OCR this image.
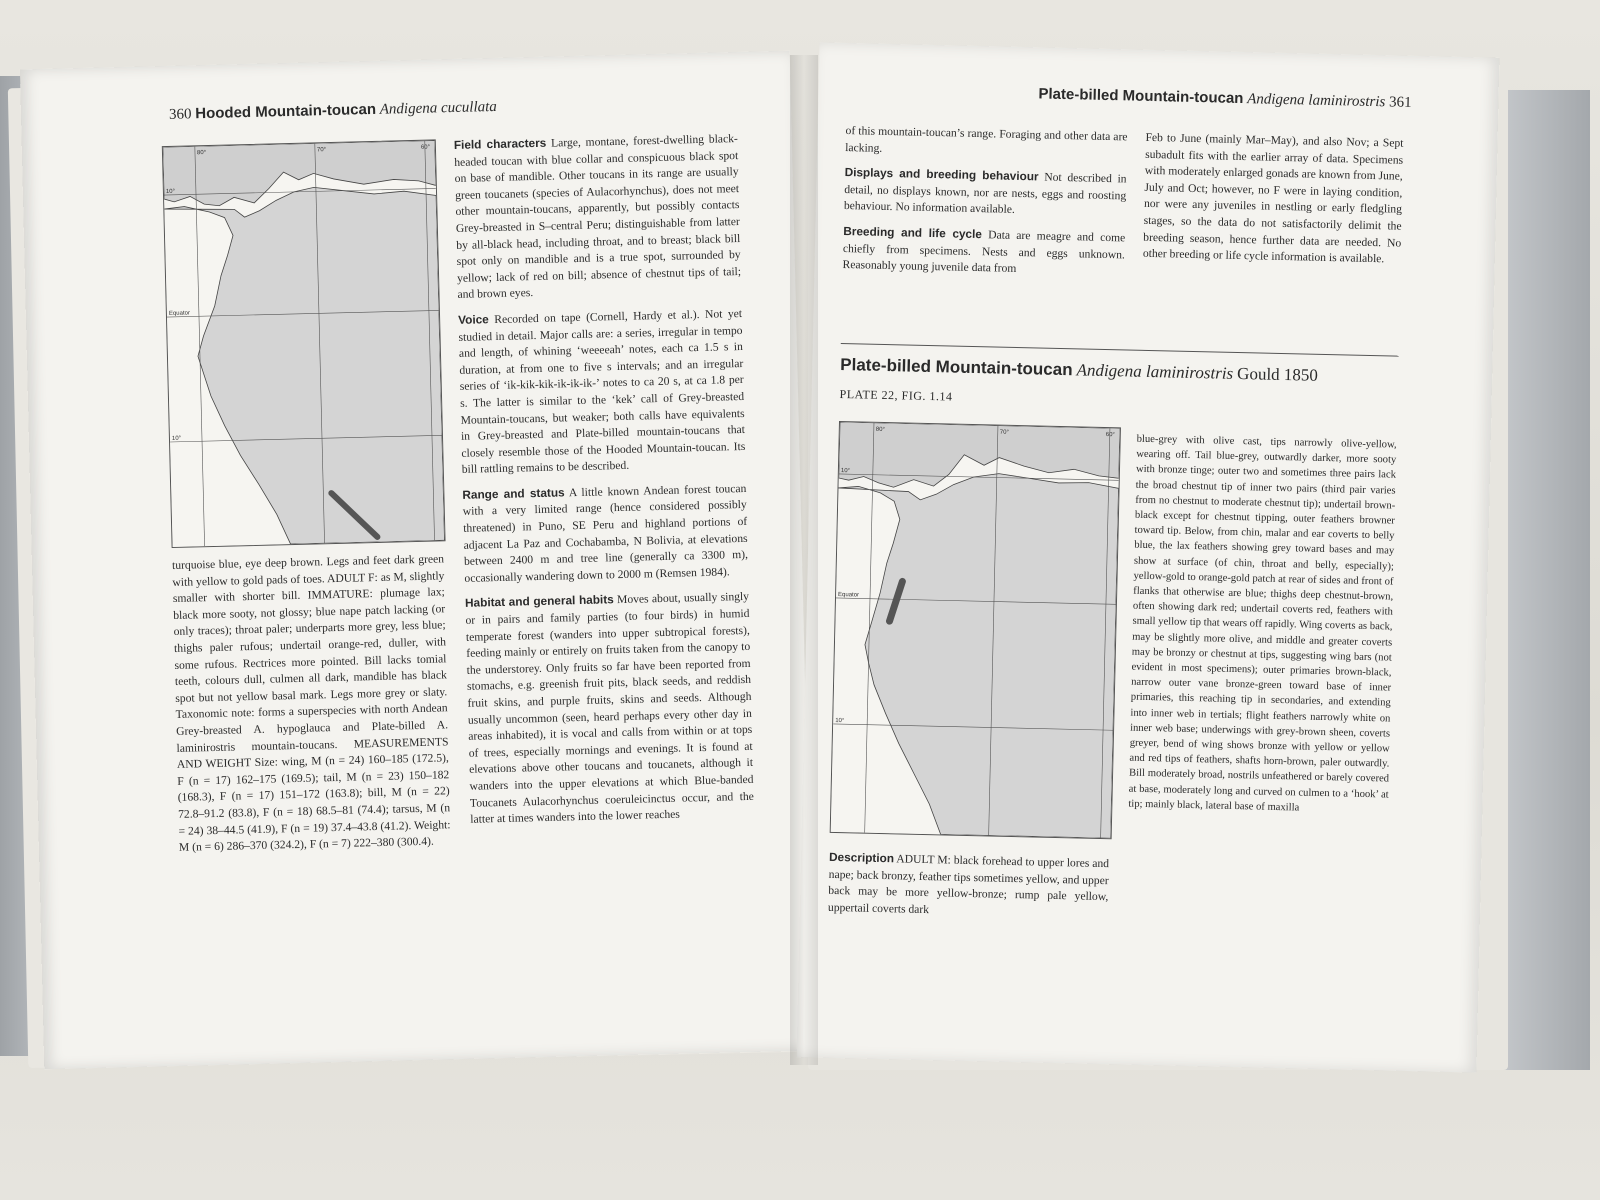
360 Hooded Mountain-toucan Andigena cucullata
80°	70°	60°
10°
Equator
10°

turquoise blue, eye deep brown. Legs and feet dark green with yellow to gold pads of toes. ADULT F: as M, slightly smaller with shorter bill. IMMATURE: plumage lax; black more sooty, not glossy; blue nape patch lacking (or only traces); throat paler; underparts more grey, less blue; thighs paler rufous; undertail orange-red, duller, with some rufous. Rectrices more pointed. Bill lacks tomial teeth, colours dull, culmen all dark, mandible has black spot but not yellow basal mark. Legs more grey or slaty. Taxonomic note: forms a superspecies with north Andean Grey-breasted A. hypoglauca and Plate-billed A. laminirostris mountain-toucans. MEASUREMENTS AND WEIGHT Size: wing, M (n = 24) 160–185 (172.5), F (n = 17) 162–175 (169.5); tail, M (n = 23) 150–182 (168.3), F (n = 17) 151–172 (163.8); bill, M (n = 22) 72.8–91.2 (83.8), F (n = 18) 68.5–81 (74.4); tarsus, M (n = 24) 38–44.5 (41.9), F (n = 19) 37.4–43.8 (41.2). Weight: M (n = 6) 286–370 (324.2), F (n = 7) 222–380 (300.4).

Field characters Large, montane, forest-dwelling black-headed toucan with blue collar and conspicuous black spot on base of mandible. Other toucans in its range are usually green toucanets (species of Aulacorhynchus), does not meet other mountain-toucans, apparently, but possibly contacts Grey-breasted in S–central Peru; distinguishable from latter by all-black head, including throat, and to breast; black bill spot only on mandible and is a true spot, surrounded by yellow; lack of red on bill; absence of chestnut tips of tail; and brown eyes.

Voice Recorded on tape (Cornell, Hardy et al.). Not yet studied in detail. Major calls are: a series, irregular in tempo and length, of whining ‘weeeeah’ notes, each ca 1.5 s in duration, at from one to five s intervals; and an irregular series of ‘ik-kik-kik-ik-ik-ik-’ notes to ca 20 s, at ca 1.8 per s. The latter is similar to the ‘kek’ call of Grey-breasted Mountain-toucans, but weaker; both calls have equivalents in Grey-breasted and Plate-billed mountain-toucans that closely resemble those of the Hooded Mountain-toucan. Its bill rattling remains to be described.

Range and status A little known Andean forest toucan with a very limited range (hence considered possibly threatened) in Puno, SE Peru and highland portions of adjacent La Paz and Cochabamba, N Bolivia, at elevations between 2400 m and tree line (generally ca 3300 m), occasionally wandering down to 2000 m (Remsen 1984).

Habitat and general habits Moves about, usually singly or in pairs and family parties (to four birds) in humid temperate forest (wanders into upper subtropical forests), feeding mainly or entirely on fruits taken from the canopy to the understorey. Only fruits so far have been reported from stomachs, e.g. greenish fruit pits, black seeds, and reddish fruit skins, and purple fruits, skins and seeds. Although usually uncommon (seen, heard perhaps every other day in areas inhabited), it is vocal and calls from within or at tops of trees, especially mornings and evenings. It is found at elevations above other toucans and toucanets, although it wanders into the upper elevations at which Blue-banded Toucanets Aulacorhynchus coeruleicinctus occur, and the latter at times wanders into the lower reaches

Plate-billed Mountain-toucan Andigena laminirostris 361

of this mountain-toucan’s range. Foraging and other data are lacking.

Displays and breeding behaviour Not described in detail, no displays known, nor are nests, eggs and roosting behaviour. No information available.

Breeding and life cycle Data are meagre and come chiefly from specimens. Nests and eggs unknown. Reasonably young juvenile data from

Feb to June (mainly Mar–May), and also Nov; a Sept subadult fits with the earlier array of data. Specimens with moderately enlarged gonads are known from June, July and Oct; however, no F were in laying condition, nor were any juveniles in nestling or early fledgling stages, so the data do not satisfactorily delimit the breeding season, hence further data are needed. No other breeding or life cycle information is available.

Plate-billed Mountain-toucan Andigena laminirostris Gould 1850
PLATE 22, FIG. 1.14
80°	70°	60°
10°
Equator
10°

Description ADULT M: black forehead to upper lores and nape; back bronzy, feather tips sometimes yellow, and upper back may be more yellow-bronze; rump pale yellow, uppertail coverts dark

blue-grey with olive cast, tips narrowly olive-yellow, wearing off. Tail blue-grey, outwardly darker, more sooty with bronze tinge; outer two and sometimes three pairs lack the broad chestnut tip of inner two pairs (third pair varies from no chestnut to moderate chestnut tip); undertail brown-black except for chestnut tipping, outer feathers browner toward tip. Below, from chin, malar and ear coverts to belly blue, the lax feathers showing grey toward bases and may show at surface (of chin, throat and belly, especially); yellow-gold to orange-gold patch at rear of sides and front of flanks that otherwise are blue; thighs deep chestnut-brown, often showing dark red; undertail coverts red, feathers with small yellow tip that wears off rapidly. Wing coverts as back, may be slightly more olive, and middle and greater coverts may be bronzy or chestnut at tips, suggesting wing bars (not evident in most specimens); outer primaries brown-black, narrow outer vane bronze-green toward base of inner primaries, this reaching tip in secondaries, and extending into inner web in tertials; flight feathers narrowly white on inner web base; underwings with grey-brown sheen, coverts greyer, bend of wing shows bronze with yellow or yellow and red tips of feathers, shafts horn-brown, paler outwardly. Bill moderately broad, nostrils unfeathered or barely covered at base, moderately long and curved on culmen to a ‘hook’ at tip; mainly black, lateral base of maxilla
